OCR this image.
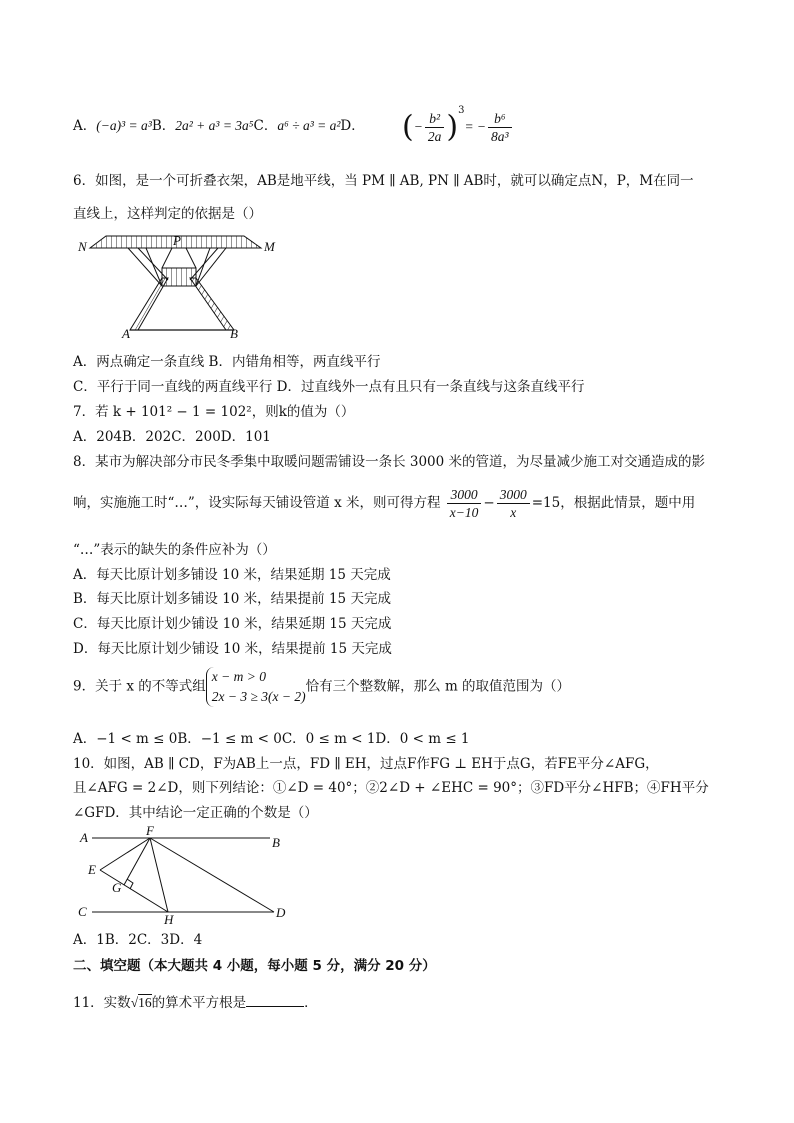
A．(−a)³ = a³B．2a² + a³ = 3a⁵C．a⁶ ÷ a³ = a²D． (− $\frac{\text{b²}}{2a} )^3= - \frac{\text{b⁶}}{\text{8a³}}$
6．如图，是一个可折叠衣架，AB是地平线，当 PM ∥ AB, PN ∥ AB时，就可以确定点N，P，M在同一
直线上，这样判定的依据是（）
N	P	M
A	B
A．两点确定一条直线 B．内错角相等，两直线平行
C．平行于同一直线的两直线平行 D．过直线外一点有且只有一条直线与这条直线平行
7．若 k + 101² − 1 = 102²，则k的值为（）
A．204B．202C．200D．101
8．某市为解决部分市民冬季集中取暖问题需铺设一条长 3000 米的管道，为尽量减少施工对交通造成的影
响，实施施工时“…”，设实际每天铺设管道 x 米，则可得方程 $\frac{3000}{x-10} - \frac{3000}{x} =15$，根据此情景，题中用
“…”表示的缺失的条件应补为（）
A．每天比原计划多铺设 10 米，结果延期 15 天完成
B．每天比原计划多铺设 10 米，结果提前 15 天完成
C．每天比原计划少铺设 10 米，结果延期 15 天完成
D．每天比原计划少铺设 10 米，结果提前 15 天完成
9．关于 x 的不等式组
x − m > 0
2x − 3 ≥ 3(x − 2)
恰有三个整数解，那么 m 的取值范围为（）
A．−1 < m ≤ 0B．−1 ≤ m < 0C．0 ≤ m < 1D．0 < m ≤ 1
10．如图，AB ∥ CD，F为AB上一点，FD ∥ EH，过点F作FG ⊥ EH于点G，若FE平分∠AFG，
且∠AFG = 2∠D，则下列结论：①∠D = 40°；②2∠D + ∠EHC = 90°；③FD平分∠HFB；④FH平分
∠GFD．其中结论一定正确的个数是（）
A	F
B
E
G
C
H	D
A．1B．2C．3D．4
二、填空题（本大题共 4 小题，每小题 5 分，满分 20 分）
11．实数√16的算术平方根是	．
